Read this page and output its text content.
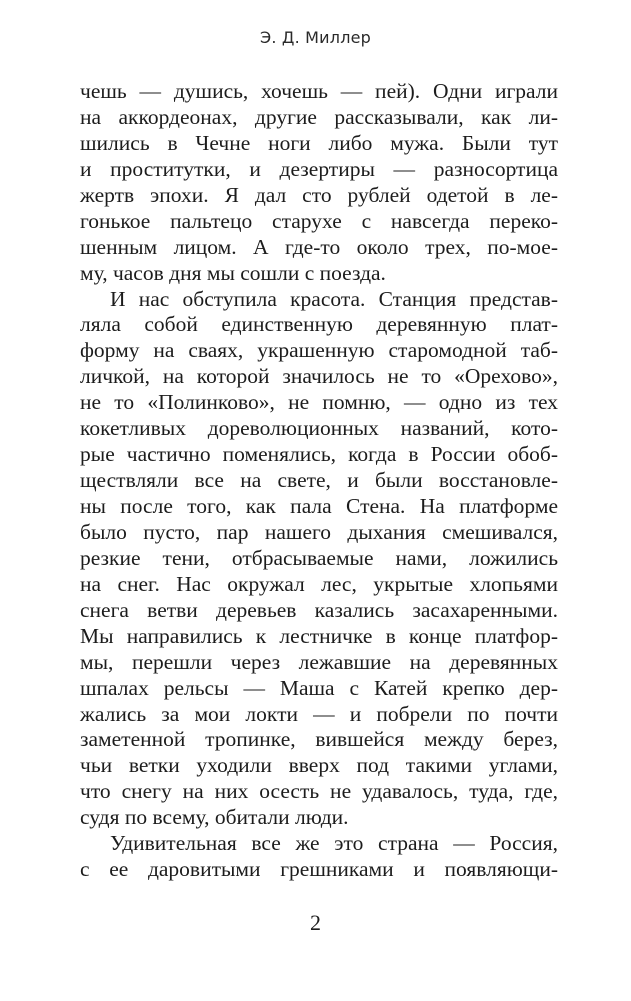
Э. Д. Миллер
чешь — душись, хочешь — пей). Одни играли
на аккордеонах, другие рассказывали, как ли-
шились в Чечне ноги либо мужа. Были тут
и проститутки, и дезертиры — разносортица
жертв эпохи. Я дал сто рублей одетой в ле-
гонькое пальтецо старухе с навсегда переко-
шенным лицом. А где-то около трех, по-мое-
му, часов дня мы сошли с поезда.
И нас обступила красота. Станция представ-
ляла собой единственную деревянную плат-
форму на сваях, украшенную старомодной таб-
личкой, на которой значилось не то «Орехово»,
не то «Полинково», не помню, — одно из тех
кокетливых дореволюционных названий, кото-
рые частично поменялись, когда в России обоб-
ществляли все на свете, и были восстановле-
ны после того, как пала Стена. На платформе
было пусто, пар нашего дыхания смешивался,
резкие тени, отбрасываемые нами, ложились
на снег. Нас окружал лес, укрытые хлопьями
снега ветви деревьев казались засахаренными.
Мы направились к лестничке в конце платфор-
мы, перешли через лежавшие на деревянных
шпалах рельсы — Маша с Катей крепко дер-
жались за мои локти — и побрели по почти
заметенной тропинке, вившейся между берез,
чьи ветки уходили вверх под такими углами,
что снегу на них осесть не удавалось, туда, где,
судя по всему, обитали люди.
Удивительная все же это страна — Россия,
с ее даровитыми грешниками и появляющи-
2
